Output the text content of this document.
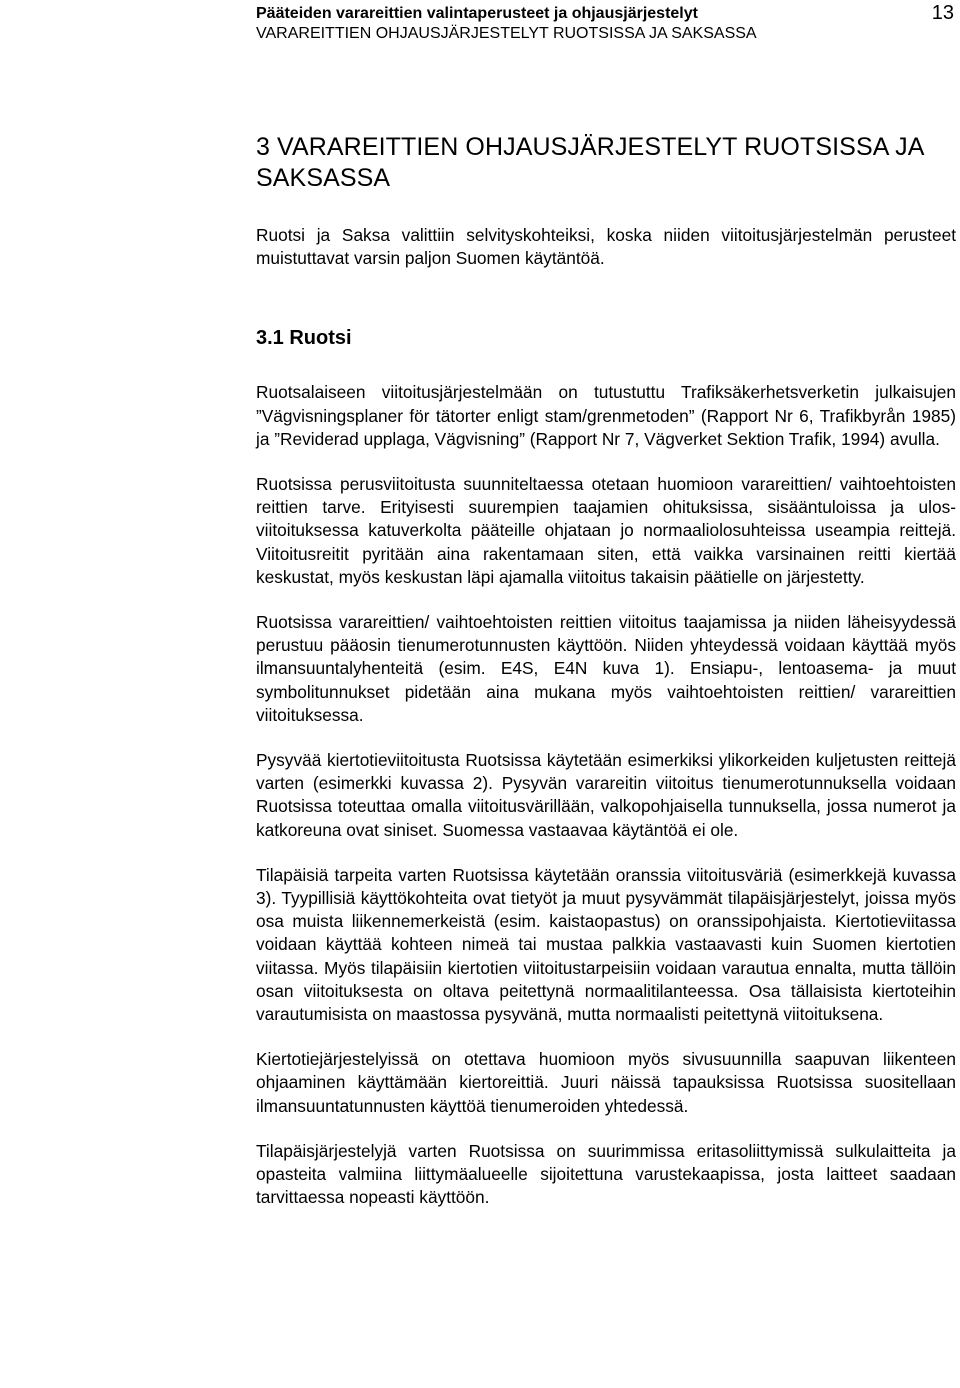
Pääteiden varareittien valintaperusteet ja ohjausjärjestelyt
VARAREITTIEN OHJAUSJÄRJESTELYT RUOTSISSA JA SAKSASSA
13
3 VARAREITTIEN OHJAUSJÄRJESTELYT RUOTSISSA JA SAKSASSA

Ruotsi ja Saksa valittiin selvityskohteiksi, koska niiden viitoitusjärjestelmän perusteet muistuttavat varsin paljon Suomen käytäntöä.

3.1 Ruotsi

Ruotsalaiseen viitoitusjärjestelmään on tutustuttu Trafiksäkerhetsverketin julkaisujen ”Vägvisningsplaner för tätorter enligt stam/grenmetoden” (Rapport Nr 6, Trafikbyrån 1985) ja ”Reviderad upplaga, Vägvisning” (Rapport Nr 7, Vägverket Sektion Trafik, 1994) avulla.

Ruotsissa perusviitoitusta suunniteltaessa otetaan huomioon varareittien/ vaihtoehtoisten reittien tarve. Erityisesti suurempien taajamien ohituksissa, sisääntuloissa ja ulos-viitoituksessa katuverkolta pääteille ohjataan jo normaaliolosuhteissa useampia reittejä. Viitoitusreitit pyritään aina rakentamaan siten, että vaikka varsinainen reitti kiertää keskustat, myös keskustan läpi ajamalla viitoitus takaisin päätielle on järjestetty.

Ruotsissa varareittien/ vaihtoehtoisten reittien viitoitus taajamissa ja niiden läheisyydessä perustuu pääosin tienumerotunnusten käyttöön. Niiden yhteydessä voidaan käyttää myös ilmansuuntalyhenteitä (esim. E4S, E4N kuva 1). Ensiapu-, lentoasema- ja muut symbolitunnukset pidetään aina mukana myös vaihtoehtoisten reittien/ varareittien viitoituksessa.

Pysyvää kiertotieviitoitusta Ruotsissa käytetään esimerkiksi ylikorkeiden kuljetusten reittejä varten (esimerkki kuvassa 2). Pysyvän varareitin viitoitus tienumerotunnuksella voidaan Ruotsissa toteuttaa omalla viitoitusvärillään, valkopohjaisella tunnuksella, jossa numerot ja katkoreuna ovat siniset. Suomessa vastaavaa käytäntöä ei ole.

Tilapäisiä tarpeita varten Ruotsissa käytetään oranssia viitoitusväriä (esimerkkejä kuvassa 3). Tyypillisiä käyttökohteita ovat tietyöt ja muut pysyvämmät tilapäisjärjestelyt, joissa myös osa muista liikennemerkeistä (esim. kaistaopastus) on oranssipohjaista. Kiertotieviitassa voidaan käyttää kohteen nimeä tai mustaa palkkia vastaavasti kuin Suomen kiertotien viitassa. Myös tilapäisiin kiertotien viitoitustarpeisiin voidaan varautua ennalta, mutta tällöin osan viitoituksesta on oltava peitettynä normaalitilanteessa. Osa tällaisista kiertoteihin varautumisista on maastossa pysyvänä, mutta normaalisti peitettynä viitoituksena.

Kiertotiejärjestelyissä on otettava huomioon myös sivusuunnilla saapuvan liikenteen ohjaaminen käyttämään kiertoreittiä. Juuri näissä tapauksissa Ruotsissa suositellaan ilmansuuntatunnusten käyttöä tienumeroiden yhtedessä.

Tilapäisjärjestelyjä varten Ruotsissa on suurimmissa eritasoliittymissä sulkulaitteita ja opasteita valmiina liittymäalueelle sijoitettuna varustekaapissa, josta laitteet saadaan tarvittaessa nopeasti käyttöön.
